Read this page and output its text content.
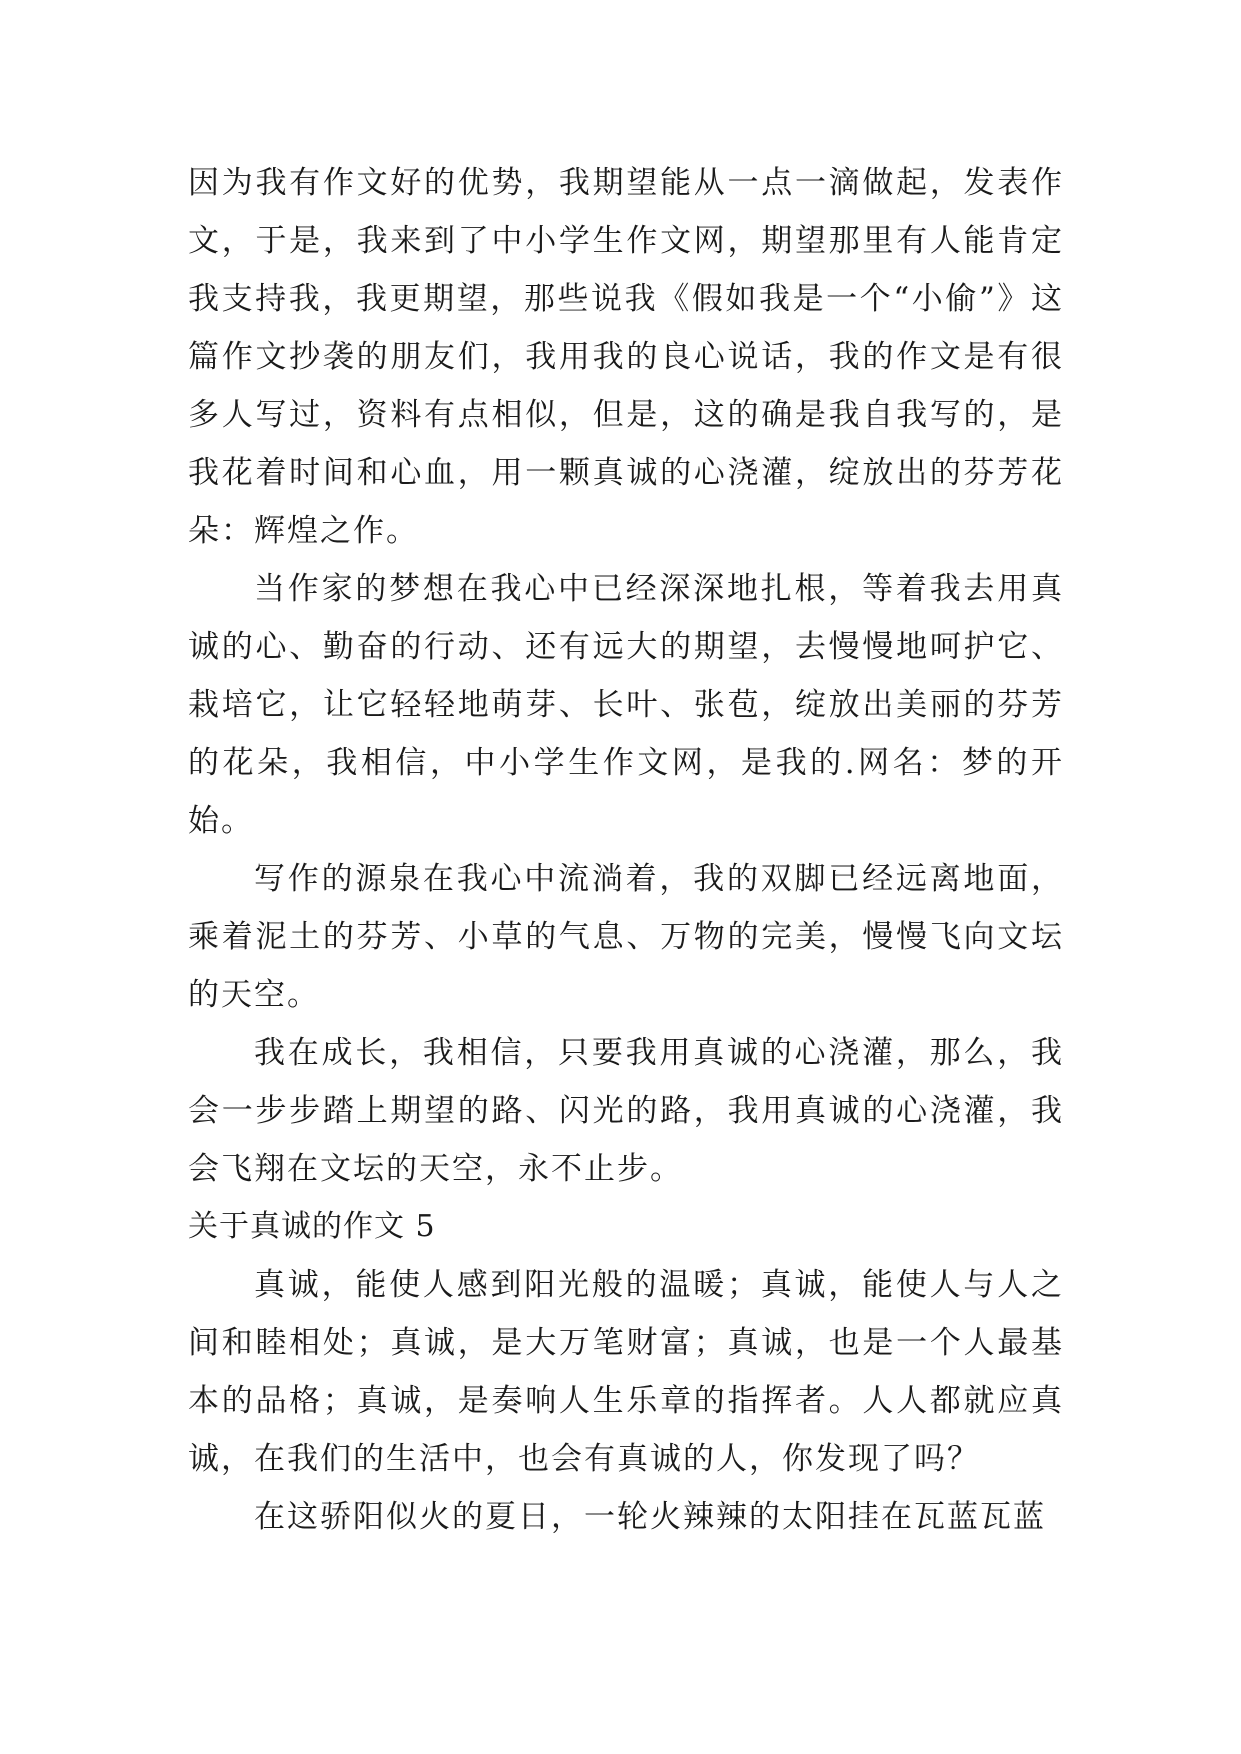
因为我有作文好的优势，我期望能从一点一滴做起，发表作文，于是，我来到了中小学生作文网，期望那里有人能肯定我支持我，我更期望，那些说我《假如我是一个“小偷”》这篇作文抄袭的朋友们，我用我的良心说话，我的作文是有很多人写过，资料有点相似，但是，这的确是我自我写的，是我花着时间和心血，用一颗真诚的心浇灌，绽放出的芬芳花朵：辉煌之作。

当作家的梦想在我心中已经深深地扎根，等着我去用真诚的心、勤奋的行动、还有远大的期望，去慢慢地呵护它、栽培它，让它轻轻地萌芽、长叶、张苞，绽放出美丽的芬芳的花朵，我相信，中小学生作文网，是我的.网名：梦的开始。

写作的源泉在我心中流淌着，我的双脚已经远离地面，乘着泥土的芬芳、小草的气息、万物的完美，慢慢飞向文坛的天空。

我在成长，我相信，只要我用真诚的心浇灌，那么，我会一步步踏上期望的路、闪光的路，我用真诚的心浇灌，我会飞翔在文坛的天空，永不止步。

关于真诚的作文 5

真诚，能使人感到阳光般的温暖；真诚，能使人与人之间和睦相处；真诚，是大万笔财富；真诚，也是一个人最基本的品格；真诚，是奏响人生乐章的指挥者。人人都就应真诚，在我们的生活中，也会有真诚的人，你发现了吗？

在这骄阳似火的夏日，一轮火辣辣的太阳挂在瓦蓝瓦蓝
